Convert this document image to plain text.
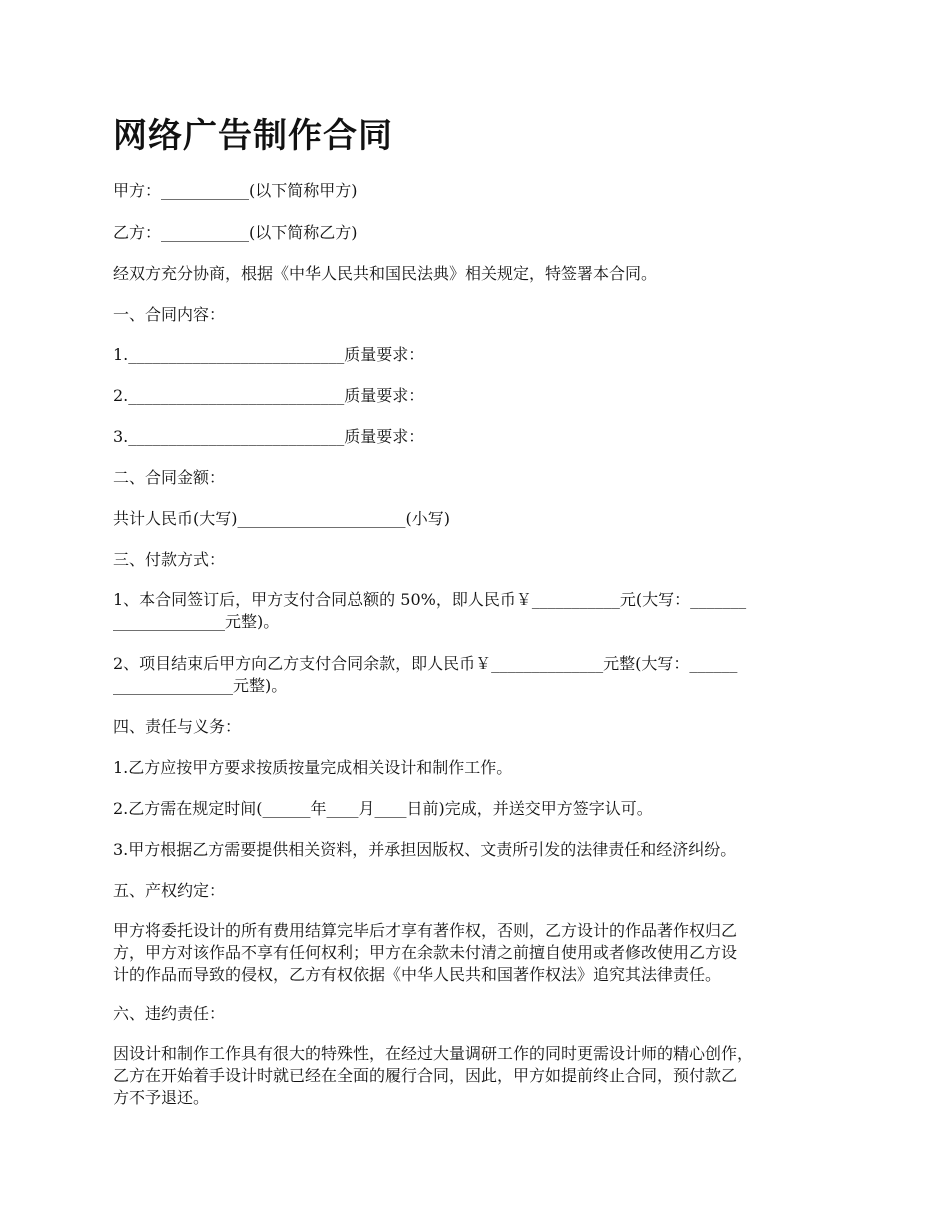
网络广告制作合同

甲方：___________(以下简称甲方)

乙方：___________(以下简称乙方)

经双方充分协商，根据《中华人民共和国民法典》相关规定，特签署本合同。

一、合同内容：

1.___________________________质量要求：

2.___________________________质量要求：

3.___________________________质量要求：

二、合同金额：

共计人民币(大写)_____________________(小写)

三、付款方式：

1、本合同签订后，甲方支付合同总额的 50%，即人民币￥___________元(大写：_______
______________元整)。
2、项目结束后甲方向乙方支付合同余款，即人民币￥______________元整(大写：______
_______________元整)。

四、责任与义务：

1.乙方应按甲方要求按质按量完成相关设计和制作工作。

2.乙方需在规定时间(______年____月____日前)完成，并送交甲方签字认可。

3.甲方根据乙方需要提供相关资料，并承担因版权、文责所引发的法律责任和经济纠纷。

五、产权约定：

甲方将委托设计的所有费用结算完毕后才享有著作权，否则，乙方设计的作品著作权归乙
方，甲方对该作品不享有任何权利；甲方在余款未付清之前擅自使用或者修改使用乙方设
计的作品而导致的侵权，乙方有权依据《中华人民共和国著作权法》追究其法律责任。

六、违约责任：

因设计和制作工作具有很大的特殊性，在经过大量调研工作的同时更需设计师的精心创作，
乙方在开始着手设计时就已经在全面的履行合同，因此，甲方如提前终止合同，预付款乙
方不予退还。
